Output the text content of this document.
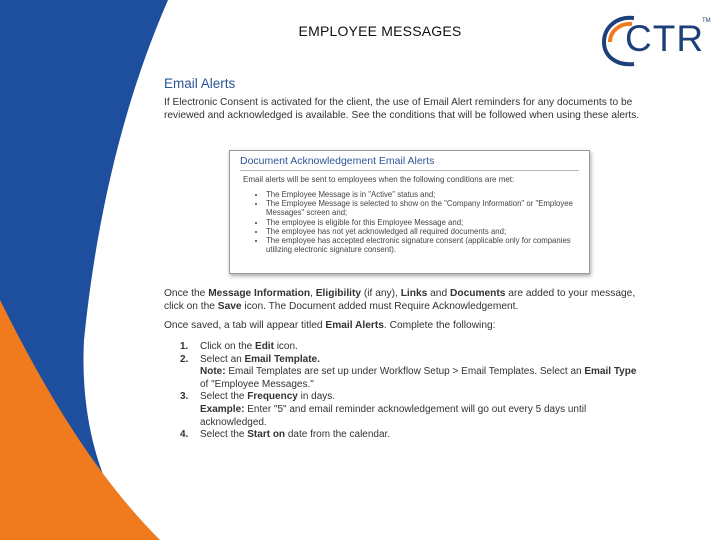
EMPLOYEE MESSAGES	CTR
TM
Email Alerts

If Electronic Consent is activated for the client, the use of Email Alert reminders for any documents to be reviewed and acknowledged is available. See the conditions that will be followed when using these alerts.

Document Acknowledgement Email Alerts

Email alerts will be sent to employees when the following conditions are met:

• The Employee Message is in "Active" status and;
• The Employee Message is selected to show on the "Company Information" or "Employee Messages" screen and;
• The employee is eligible for this Employee Message and;
• The employee has not yet acknowledged all required documents and;
• The employee has accepted electronic signature consent (applicable only for companies utilizing electronic signature consent).

Once the Message Information, Eligibility (if any), Links and Documents are added to your message, click on the Save icon. The Document added must Require Acknowledgement.

Once saved, a tab will appear titled Email Alerts. Complete the following:

1. Click on the Edit icon.
2. Select an Email Template.
Note: Email Templates are set up under Workflow Setup > Email Templates. Select an Email Type of "Employee Messages."
3. Select the Frequency in days.
Example: Enter "5" and email reminder acknowledgement will go out every 5 days until acknowledged.
4. Select the Start on date from the calendar.
